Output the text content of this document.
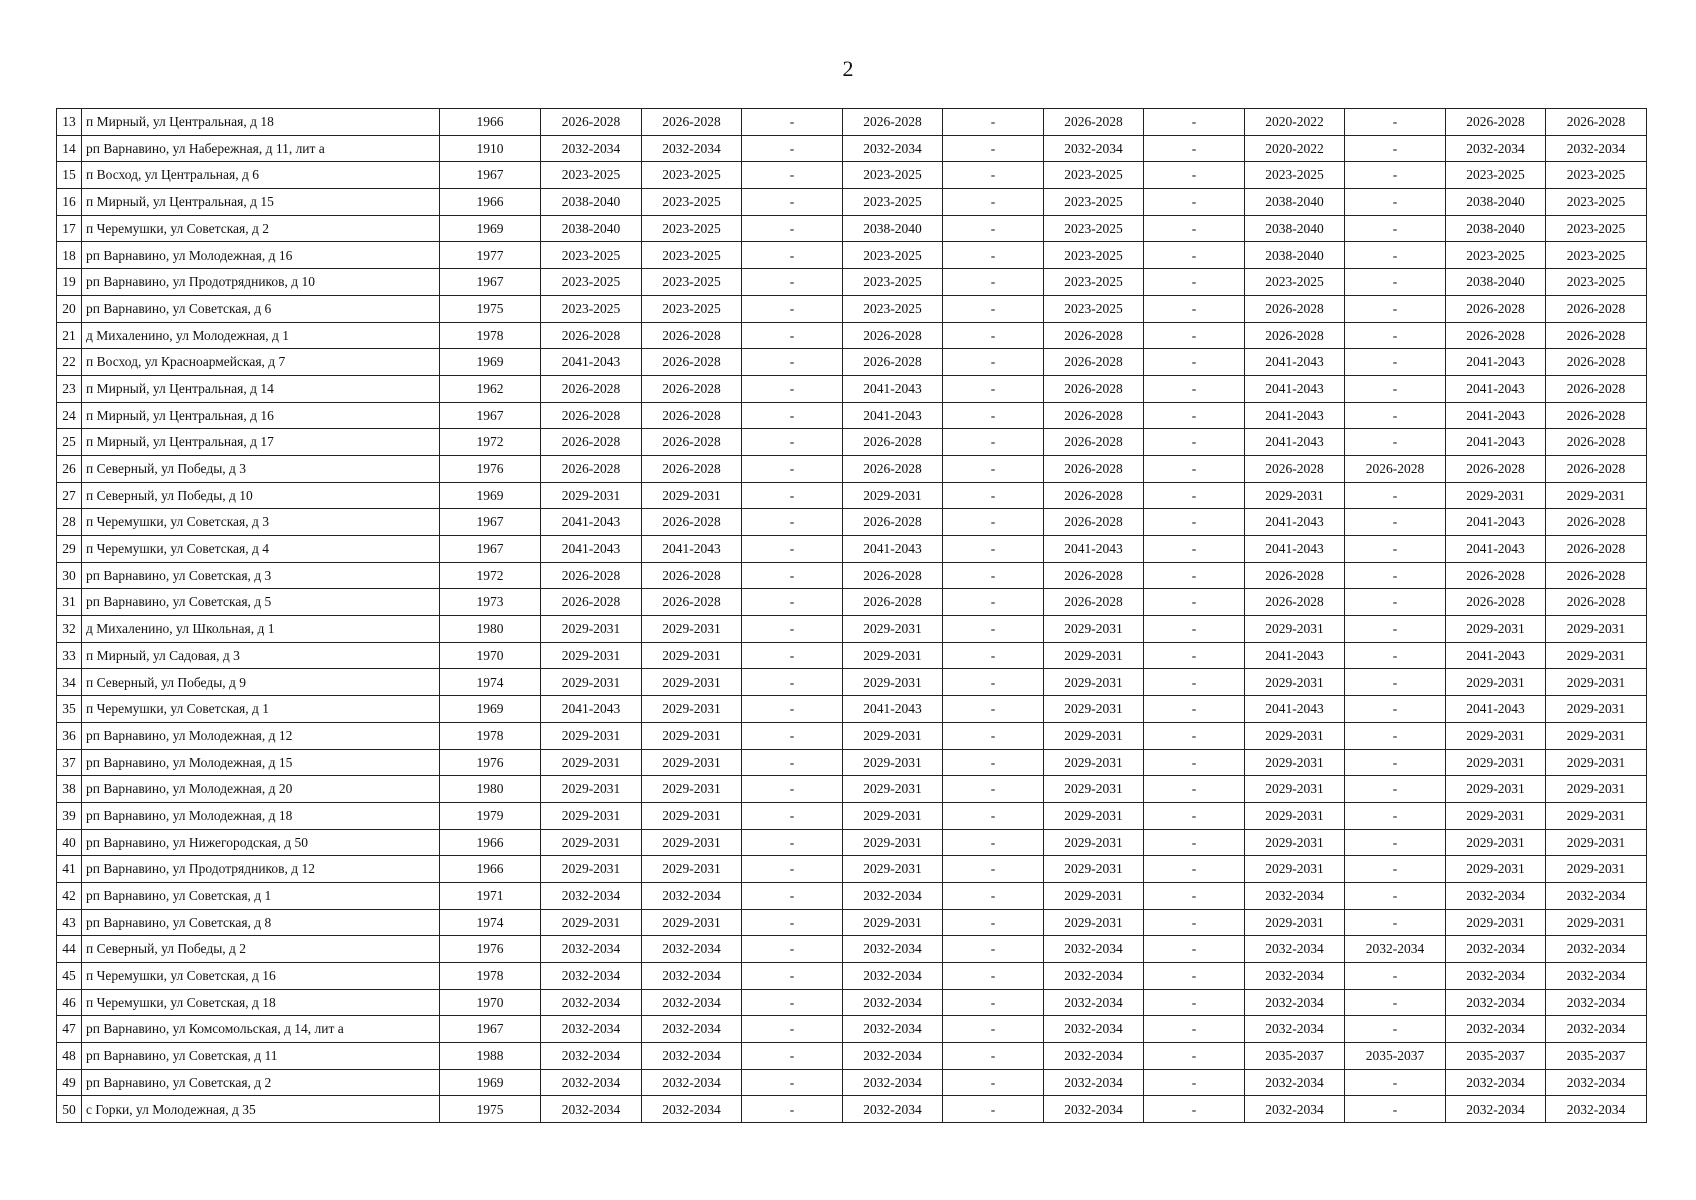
2
13	п Мирный, ул Центральная, д 18	1966	2026-2028	2026-2028	-	2026-2028	-	2026-2028	-	2020-2022	-	2026-2028	2026-2028
14	рп Варнавино, ул Набережная, д 11, лит а	1910	2032-2034	2032-2034	-	2032-2034	-	2032-2034	-	2020-2022	-	2032-2034	2032-2034
15	п Восход, ул Центральная, д 6	1967	2023-2025	2023-2025	-	2023-2025	-	2023-2025	-	2023-2025	-	2023-2025	2023-2025
16	п Мирный, ул Центральная, д 15	1966	2038-2040	2023-2025	-	2023-2025	-	2023-2025	-	2038-2040	-	2038-2040	2023-2025
17	п Черемушки, ул Советская, д 2	1969	2038-2040	2023-2025	-	2038-2040	-	2023-2025	-	2038-2040	-	2038-2040	2023-2025
18	рп Варнавино, ул Молодежная, д 16	1977	2023-2025	2023-2025	-	2023-2025	-	2023-2025	-	2038-2040	-	2023-2025	2023-2025
19	рп Варнавино, ул Продотрядников, д 10	1967	2023-2025	2023-2025	-	2023-2025	-	2023-2025	-	2023-2025	-	2038-2040	2023-2025
20	рп Варнавино, ул Советская, д 6	1975	2023-2025	2023-2025	-	2023-2025	-	2023-2025	-	2026-2028	-	2026-2028	2026-2028
21	д Михаленино, ул Молодежная, д 1	1978	2026-2028	2026-2028	-	2026-2028	-	2026-2028	-	2026-2028	-	2026-2028	2026-2028
22	п Восход, ул Красноармейская, д 7	1969	2041-2043	2026-2028	-	2026-2028	-	2026-2028	-	2041-2043	-	2041-2043	2026-2028
23	п Мирный, ул Центральная, д 14	1962	2026-2028	2026-2028	-	2041-2043	-	2026-2028	-	2041-2043	-	2041-2043	2026-2028
24	п Мирный, ул Центральная, д 16	1967	2026-2028	2026-2028	-	2041-2043	-	2026-2028	-	2041-2043	-	2041-2043	2026-2028
25	п Мирный, ул Центральная, д 17	1972	2026-2028	2026-2028	-	2026-2028	-	2026-2028	-	2041-2043	-	2041-2043	2026-2028
26	п Северный, ул Победы, д 3	1976	2026-2028	2026-2028	-	2026-2028	-	2026-2028	-	2026-2028	2026-2028	2026-2028	2026-2028
27	п Северный, ул Победы, д 10	1969	2029-2031	2029-2031	-	2029-2031	-	2026-2028	-	2029-2031	-	2029-2031	2029-2031
28	п Черемушки, ул Советская, д 3	1967	2041-2043	2026-2028	-	2026-2028	-	2026-2028	-	2041-2043	-	2041-2043	2026-2028
29	п Черемушки, ул Советская, д 4	1967	2041-2043	2041-2043	-	2041-2043	-	2041-2043	-	2041-2043	-	2041-2043	2026-2028
30	рп Варнавино, ул Советская, д 3	1972	2026-2028	2026-2028	-	2026-2028	-	2026-2028	-	2026-2028	-	2026-2028	2026-2028
31	рп Варнавино, ул Советская, д 5	1973	2026-2028	2026-2028	-	2026-2028	-	2026-2028	-	2026-2028	-	2026-2028	2026-2028
32	д Михаленино, ул Школьная, д 1	1980	2029-2031	2029-2031	-	2029-2031	-	2029-2031	-	2029-2031	-	2029-2031	2029-2031
33	п Мирный, ул Садовая, д 3	1970	2029-2031	2029-2031	-	2029-2031	-	2029-2031	-	2041-2043	-	2041-2043	2029-2031
34	п Северный, ул Победы, д 9	1974	2029-2031	2029-2031	-	2029-2031	-	2029-2031	-	2029-2031	-	2029-2031	2029-2031
35	п Черемушки, ул Советская, д 1	1969	2041-2043	2029-2031	-	2041-2043	-	2029-2031	-	2041-2043	-	2041-2043	2029-2031
36	рп Варнавино, ул Молодежная, д 12	1978	2029-2031	2029-2031	-	2029-2031	-	2029-2031	-	2029-2031	-	2029-2031	2029-2031
37	рп Варнавино, ул Молодежная, д 15	1976	2029-2031	2029-2031	-	2029-2031	-	2029-2031	-	2029-2031	-	2029-2031	2029-2031
38	рп Варнавино, ул Молодежная, д 20	1980	2029-2031	2029-2031	-	2029-2031	-	2029-2031	-	2029-2031	-	2029-2031	2029-2031
39	рп Варнавино, ул Молодежная, д 18	1979	2029-2031	2029-2031	-	2029-2031	-	2029-2031	-	2029-2031	-	2029-2031	2029-2031
40	рп Варнавино, ул Нижегородская, д 50	1966	2029-2031	2029-2031	-	2029-2031	-	2029-2031	-	2029-2031	-	2029-2031	2029-2031
41	рп Варнавино, ул Продотрядников, д 12	1966	2029-2031	2029-2031	-	2029-2031	-	2029-2031	-	2029-2031	-	2029-2031	2029-2031
42	рп Варнавино, ул Советская, д 1	1971	2032-2034	2032-2034	-	2032-2034	-	2029-2031	-	2032-2034	-	2032-2034	2032-2034
43	рп Варнавино, ул Советская, д 8	1974	2029-2031	2029-2031	-	2029-2031	-	2029-2031	-	2029-2031	-	2029-2031	2029-2031
44	п Северный, ул Победы, д 2	1976	2032-2034	2032-2034	-	2032-2034	-	2032-2034	-	2032-2034	2032-2034	2032-2034	2032-2034
45	п Черемушки, ул Советская, д 16	1978	2032-2034	2032-2034	-	2032-2034	-	2032-2034	-	2032-2034	-	2032-2034	2032-2034
46	п Черемушки, ул Советская, д 18	1970	2032-2034	2032-2034	-	2032-2034	-	2032-2034	-	2032-2034	-	2032-2034	2032-2034
47	рп Варнавино, ул Комсомольская, д 14, лит а	1967	2032-2034	2032-2034	-	2032-2034	-	2032-2034	-	2032-2034	-	2032-2034	2032-2034
48	рп Варнавино, ул Советская, д 11	1988	2032-2034	2032-2034	-	2032-2034	-	2032-2034	-	2035-2037	2035-2037	2035-2037	2035-2037
49	рп Варнавино, ул Советская, д 2	1969	2032-2034	2032-2034	-	2032-2034	-	2032-2034	-	2032-2034	-	2032-2034	2032-2034
50	с Горки, ул Молодежная, д 35	1975	2032-2034	2032-2034	-	2032-2034	-	2032-2034	-	2032-2034	-	2032-2034	2032-2034
